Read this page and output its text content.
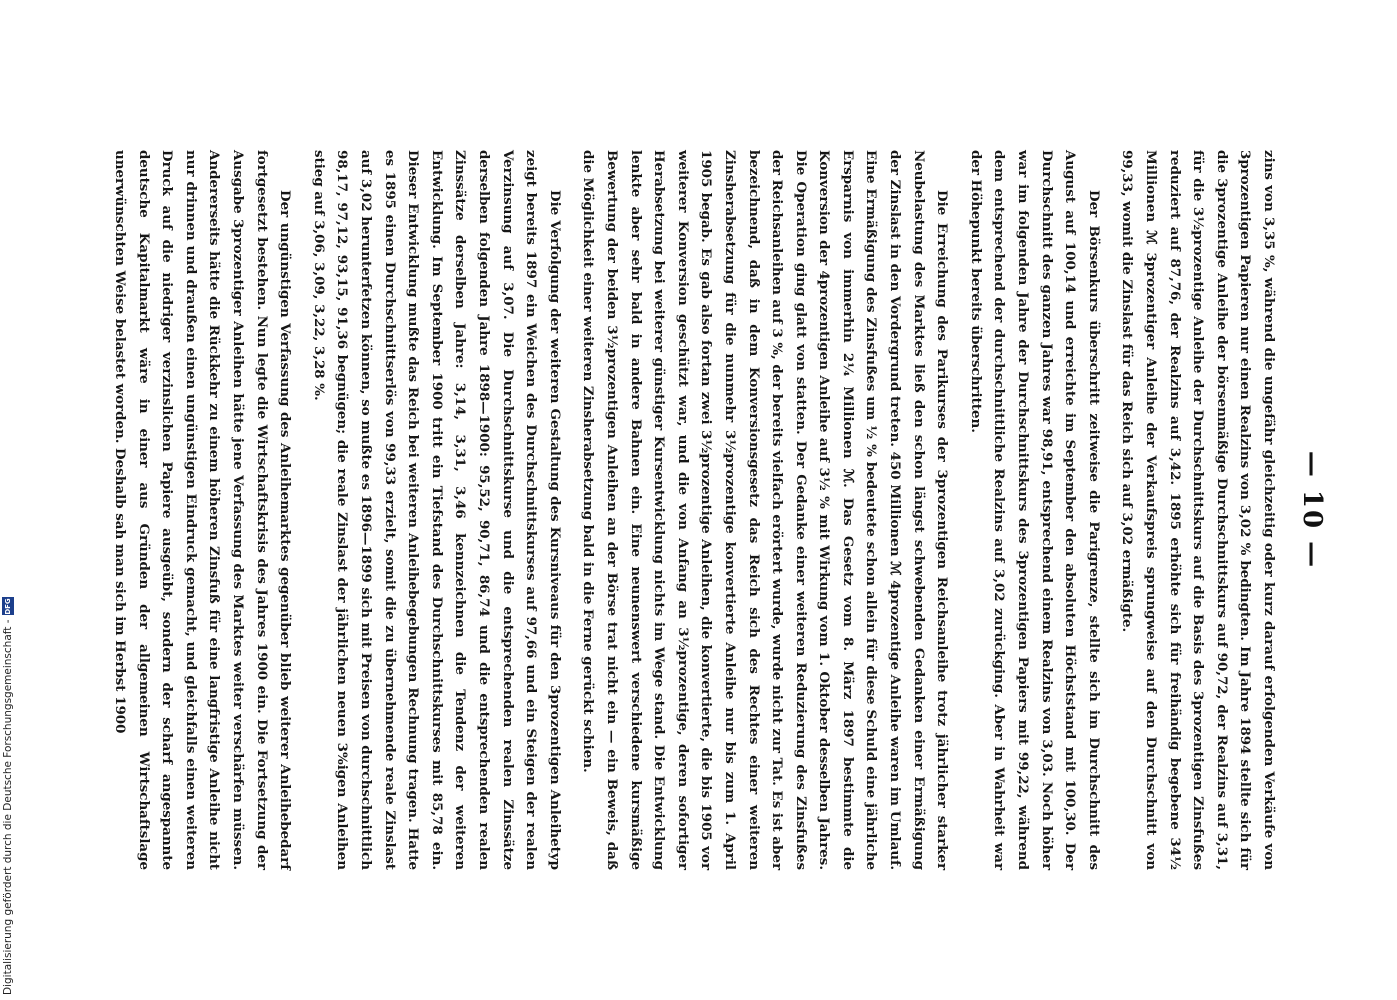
— 10 —

zins von 3,35 %, während die ungefähr gleichzeitig oder kurz darauf erfolgenden Verkäufe von 3prozentigen Papieren nur einen Realzins von 3,02 % bedingten. Im Jahre 1894 stellte sich für die 3prozentige Anleihe der börsenmäßige Durchschnittskurs auf 90,72, der Realzins auf 3,31, für die 3½prozentige Anleihe der Durchschnittskurs auf die Basis des 3prozentigen Zinsfußes reduziert auf 87,76, der Realzins auf 3,42. 1895 erhöhte sich für freihändig begebene 34½ Millionen ℳ 3prozentiger Anleihe der Verkaufspreis sprungweise auf den Durchschnitt von 99,33, womit die Zinslast für das Reich sich auf 3,02 ermäßigte.

Der Börsenkurs überschritt zeitweise die Parigrenze, stellte sich im Durchschnitt des August auf 100,14 und erreichte im September den absoluten Höchststand mit 100,30. Der Durchschnitt des ganzen Jahres war 98,91, entsprechend einem Realzins von 3,03. Noch höher war im folgenden Jahre der Durchschnittskurs des 3prozentigen Papiers mit 99,22, während dem entsprechend der durchschnittliche Realzins auf 3,02 zurückging. Aber in Wahrheit war der Höhepunkt bereits überschritten.

Die Erreichung des Parikurses der 3prozentigen Reichsanleihe trotz jährlicher starker Neubelastung des Marktes ließ den schon längst schwebenden Gedanken einer Ermäßigung der Zinslast in den Vordergrund treten. 450 Millionen ℳ 4prozentige Anleihe waren im Umlauf. Eine Ermäßigung des Zinsfußes um ½ % bedeutete schon allein für diese Schuld eine jährliche Ersparnis von immerhin 2¼ Millionen ℳ. Das Gesetz vom 8. März 1897 bestimmte die Konversion der 4prozentigen Anleihe auf 3½ % mit Wirkung vom 1. Oktober desselben Jahres. Die Operation ging glatt von statten. Der Gedanke einer weiteren Reduzierung des Zinsfußes der Reichsanleihen auf 3 %, der bereits vielfach erörtert wurde, wurde nicht zur Tat. Es ist aber bezeichnend, daß in dem Konversionsgesetz das Reich sich des Rechtes einer weiteren Zinsherabsetzung für die nunmehr 3½prozentige konvertierte Anleihe nur bis zum 1. April 1905 begab. Es gab also fortan zwei 3½prozentige Anleihen, die konvertierte, die bis 1905 vor weiterer Konversion geschützt war, und die von Anfang an 3½prozentige, deren sofortiger Herabsetzung bei weiterer günstiger Kursentwicklung nichts im Wege stand. Die Entwicklung lenkte aber sehr bald in andere Bahnen ein. Eine neunenswert verschiedene kursmäßige Bewertung der beiden 3½prozentigen Anleihen an der Börse trat nicht ein — ein Beweis, daß die Möglichkeit einer weiteren Zinsherabsetzung bald in die Ferne gerückt schien.

Die Verfolgung der weiteren Gestaltung des Kursniveaus für den 3prozentigen Anleihetyp zeigt bereits 1897 ein Weichen des Durchschnittskurses auf 97,66 und ein Steigen der realen Verzinsung auf 3,07. Die Durchschnittskurse und die entsprechenden realen Zinssätze derselben folgenden Jahre 1898—1900: 95,52, 90,71, 86,74 und die entsprechenden realen Zinssätze derselben Jahre: 3,14, 3,31, 3,46 kennzeichnen die Tendenz der weiteren Entwicklung. Im September 1900 tritt ein Tiefstand des Durchschnittskurses mit 85,78 ein. Dieser Entwicklung mußte das Reich bei weiteren Anleihebegebungen Rechnung tragen. Hatte es 1895 einen Durchschnittserlös von 99,33 erzielt, somit die zu übernehmende reale Zinslast auf 3,02 herunterfetzen können, so mußte es 1896—1899 sich mit Preisen von durchschnittlich 98,17, 97,12, 93,15, 91,36 begnügen; die reale Zinslast der jährlichen neuen 3%igen Anleihen stieg auf 3,06, 3,09, 3,22, 3,28 %.

Der ungünstigen Verfassung des Anleihemarktes gegenüber blieb weiterer Anleihebedarf fortgesetzt bestehen. Nun legte die Wirtschaftskrisis des Jahres 1900 ein. Die Fortsetzung der Ausgabe 3prozentiger Anleihen hätte jene Verfassung des Marktes weiter verschärfen müssen. Andererseits hätte die Rückkehr zu einem höheren Zinsfuß für eine langfristige Anleihe nicht nur drinnen und draußen einen ungünstigen Eindruck gemacht, und gleichfalls einen weiteren Druck auf die niedriger verzinslichen Papiere ausgeübt, sondern der scharf angespannte deutsche Kapitalmarkt wäre in einer aus Gründen der allgemeinen Wirtschaftslage unerwünschten Weise belastet worden. Deshalb sah man sich im Herbst 1900

Digitalisierung gefördert durch die Deutsche Forschungsgemeinschaft -
DFG
